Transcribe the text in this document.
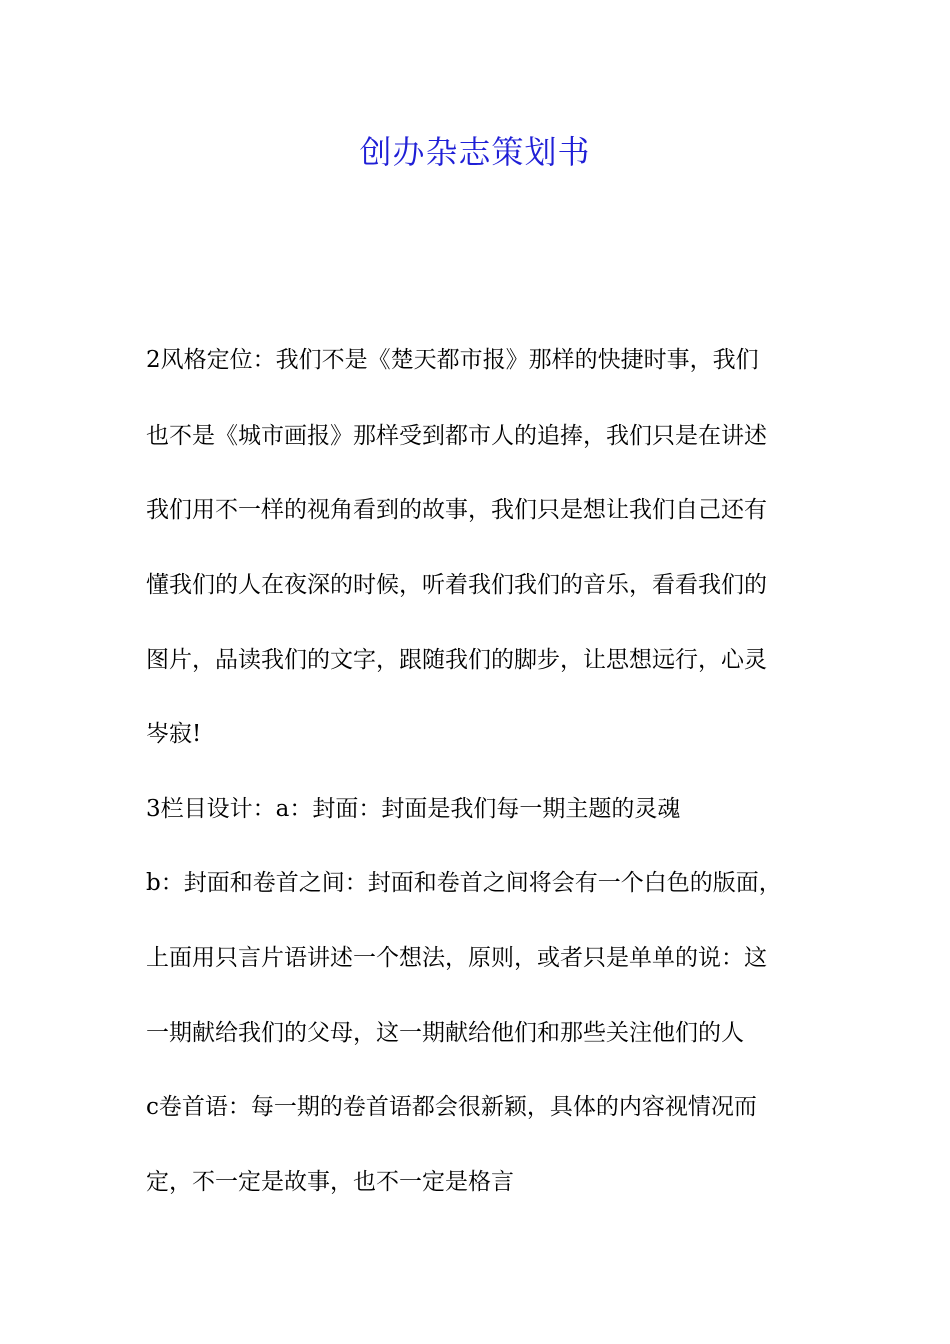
创办杂志策划书
2风格定位：我们不是《楚天都市报》那样的快捷时事，我们
也不是《城市画报》那样受到都市人的追捧，我们只是在讲述
我们用不一样的视角看到的故事，我们只是想让我们自己还有
懂我们的人在夜深的时候，听着我们我们的音乐，看看我们的
图片，品读我们的文字，跟随我们的脚步，让思想远行，心灵
岑寂!
3栏目设计：a：封面：封面是我们每一期主题的灵魂
b：封面和卷首之间：封面和卷首之间将会有一个白色的版面，
上面用只言片语讲述一个想法，原则，或者只是单单的说：这
一期献给我们的父母，这一期献给他们和那些关注他们的人
c卷首语：每一期的卷首语都会很新颖，具体的内容视情况而
定，不一定是故事，也不一定是格言
